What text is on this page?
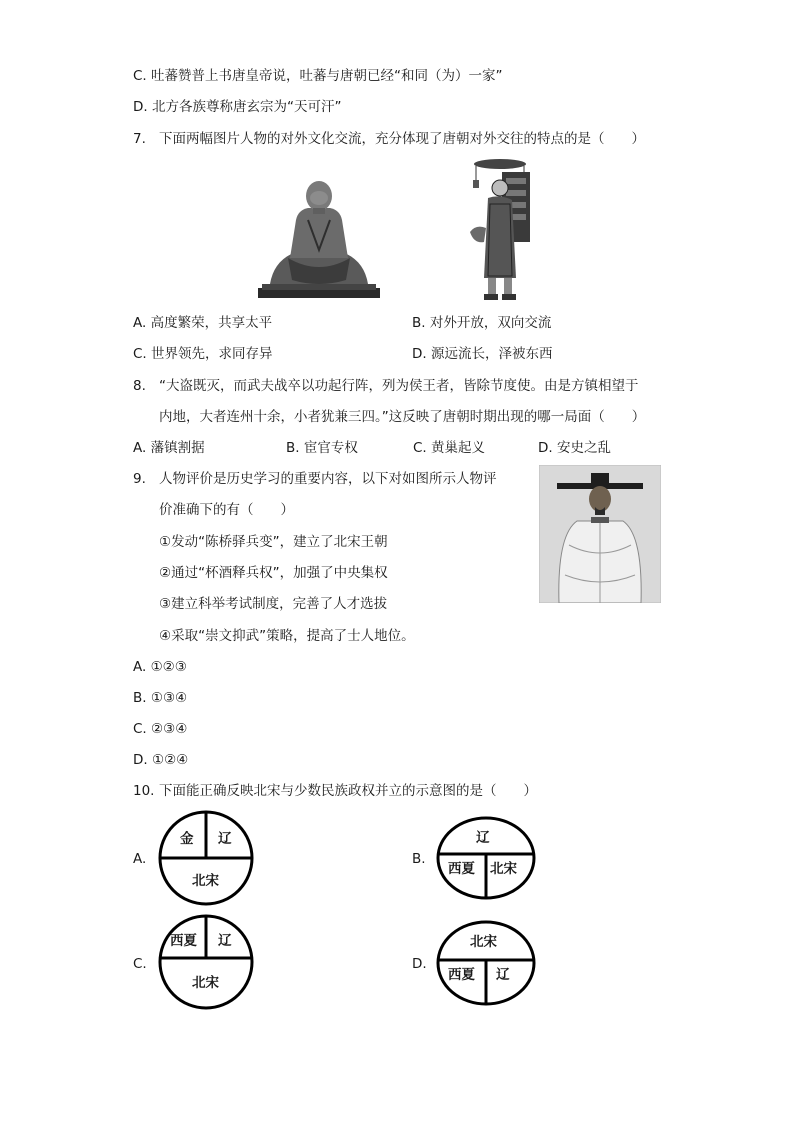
C. 吐蕃赞普上书唐皇帝说，吐蕃与唐朝已经“和同（为）一家”
D. 北方各族尊称唐玄宗为“天可汗”
7. 下面两幅图片人物的对外文化交流，充分体现了唐朝对外交往的特点的是（　　）
A. 高度繁荣，共享太平	B. 对外开放，双向交流
C. 世界领先，求同存异	D. 源远流长，泽被东西
8. “大盗既灭，而武夫战卒以功起行阵，列为侯王者，皆除节度使。由是方镇相望于
内地，大者连州十余，小者犹兼三四。”这反映了唐朝时期出现的哪一局面（　　）
A. 藩镇割据	B. 宦官专权	C. 黄巢起义	D. 安史之乱
9. 人物评价是历史学习的重要内容，以下对如图所示人物评
价准确下的有（　　）
①发动“陈桥驿兵变”，建立了北宋王朝
②通过“杯酒释兵权”，加强了中央集权
③建立科举考试制度，完善了人才选拔
④采取“崇文抑武”策略，提高了士人地位。
A. ①②③
B. ①③④
C. ②③④
D. ①②④
10. 下面能正确反映北宋与少数民族政权并立的示意图的是（　　）
A.
金 辽
北宋
B.
辽
西夏 北宋
C.
西夏 辽
北宋
D.
北宋
西夏 辽
